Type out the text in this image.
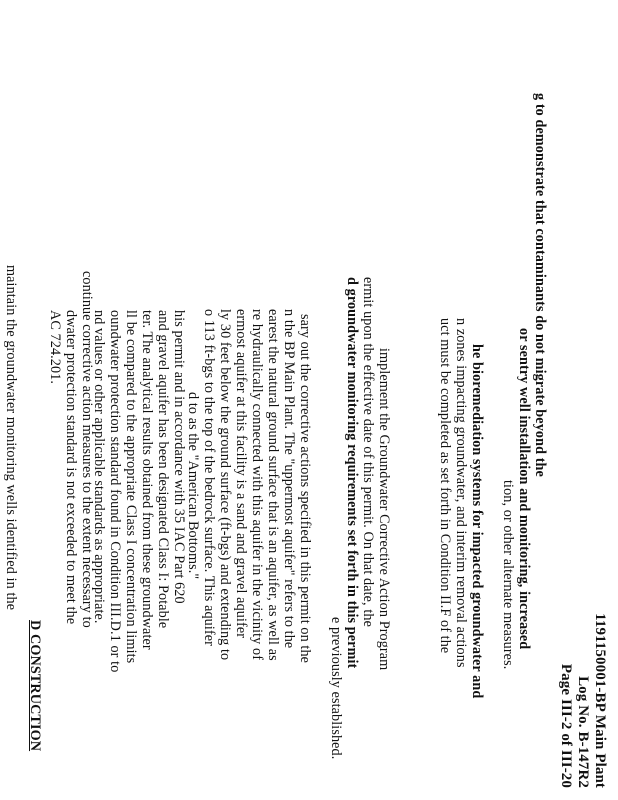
1191150001-BP Main Plant
Log No. B-147R2
Page III-2 of III-20
g to demonstrate that contaminants do not migrate beyond the
or sentry well installation and monitoring, increased
tion, or other alternate measures.
he bioremediation systems for impacted groundwater and
n zones impacting groundwater, and interim removal actions
uct must be completed as set forth in Condition II.F of the
implement the Groundwater Corrective Action Program
ermit upon the effective date of this permit. On that date, the
d groundwater monitoring requirements set forth in this permit
e previously established.
sary out the corrective actions specified in this permit on the
n the BP Main Plant. The "uppermost aquifer" refers to the
earest the natural ground surface that is an aquifer, as well as
re hydraulically connected with this aquifer in the vicinity of
ermost aquifer at this facility is a sand and gravel aquifer
ly 30 feet below the ground surface (ft-bgs) and extending to
o 113 ft-bgs to the top of the bedrock surface. This aquifer
d to as the "American Bottoms."
his permit and in accordance with 35 IAC Part 620
and gravel aquifer has been designated Class I: Potable
ter. The analytical results obtained from these groundwater
ll be compared to the appropriate Class I concentration limits
oundwater protection standard found in Condition III.D.1 or to
nd values or other applicable standards as appropriate.
continue corrective action measures to the extent necessary to
dwater protection standard is not exceeded to meet the
AC 724.201.
D CONSTRUCTION
maintain the groundwater monitoring wells identified in the
